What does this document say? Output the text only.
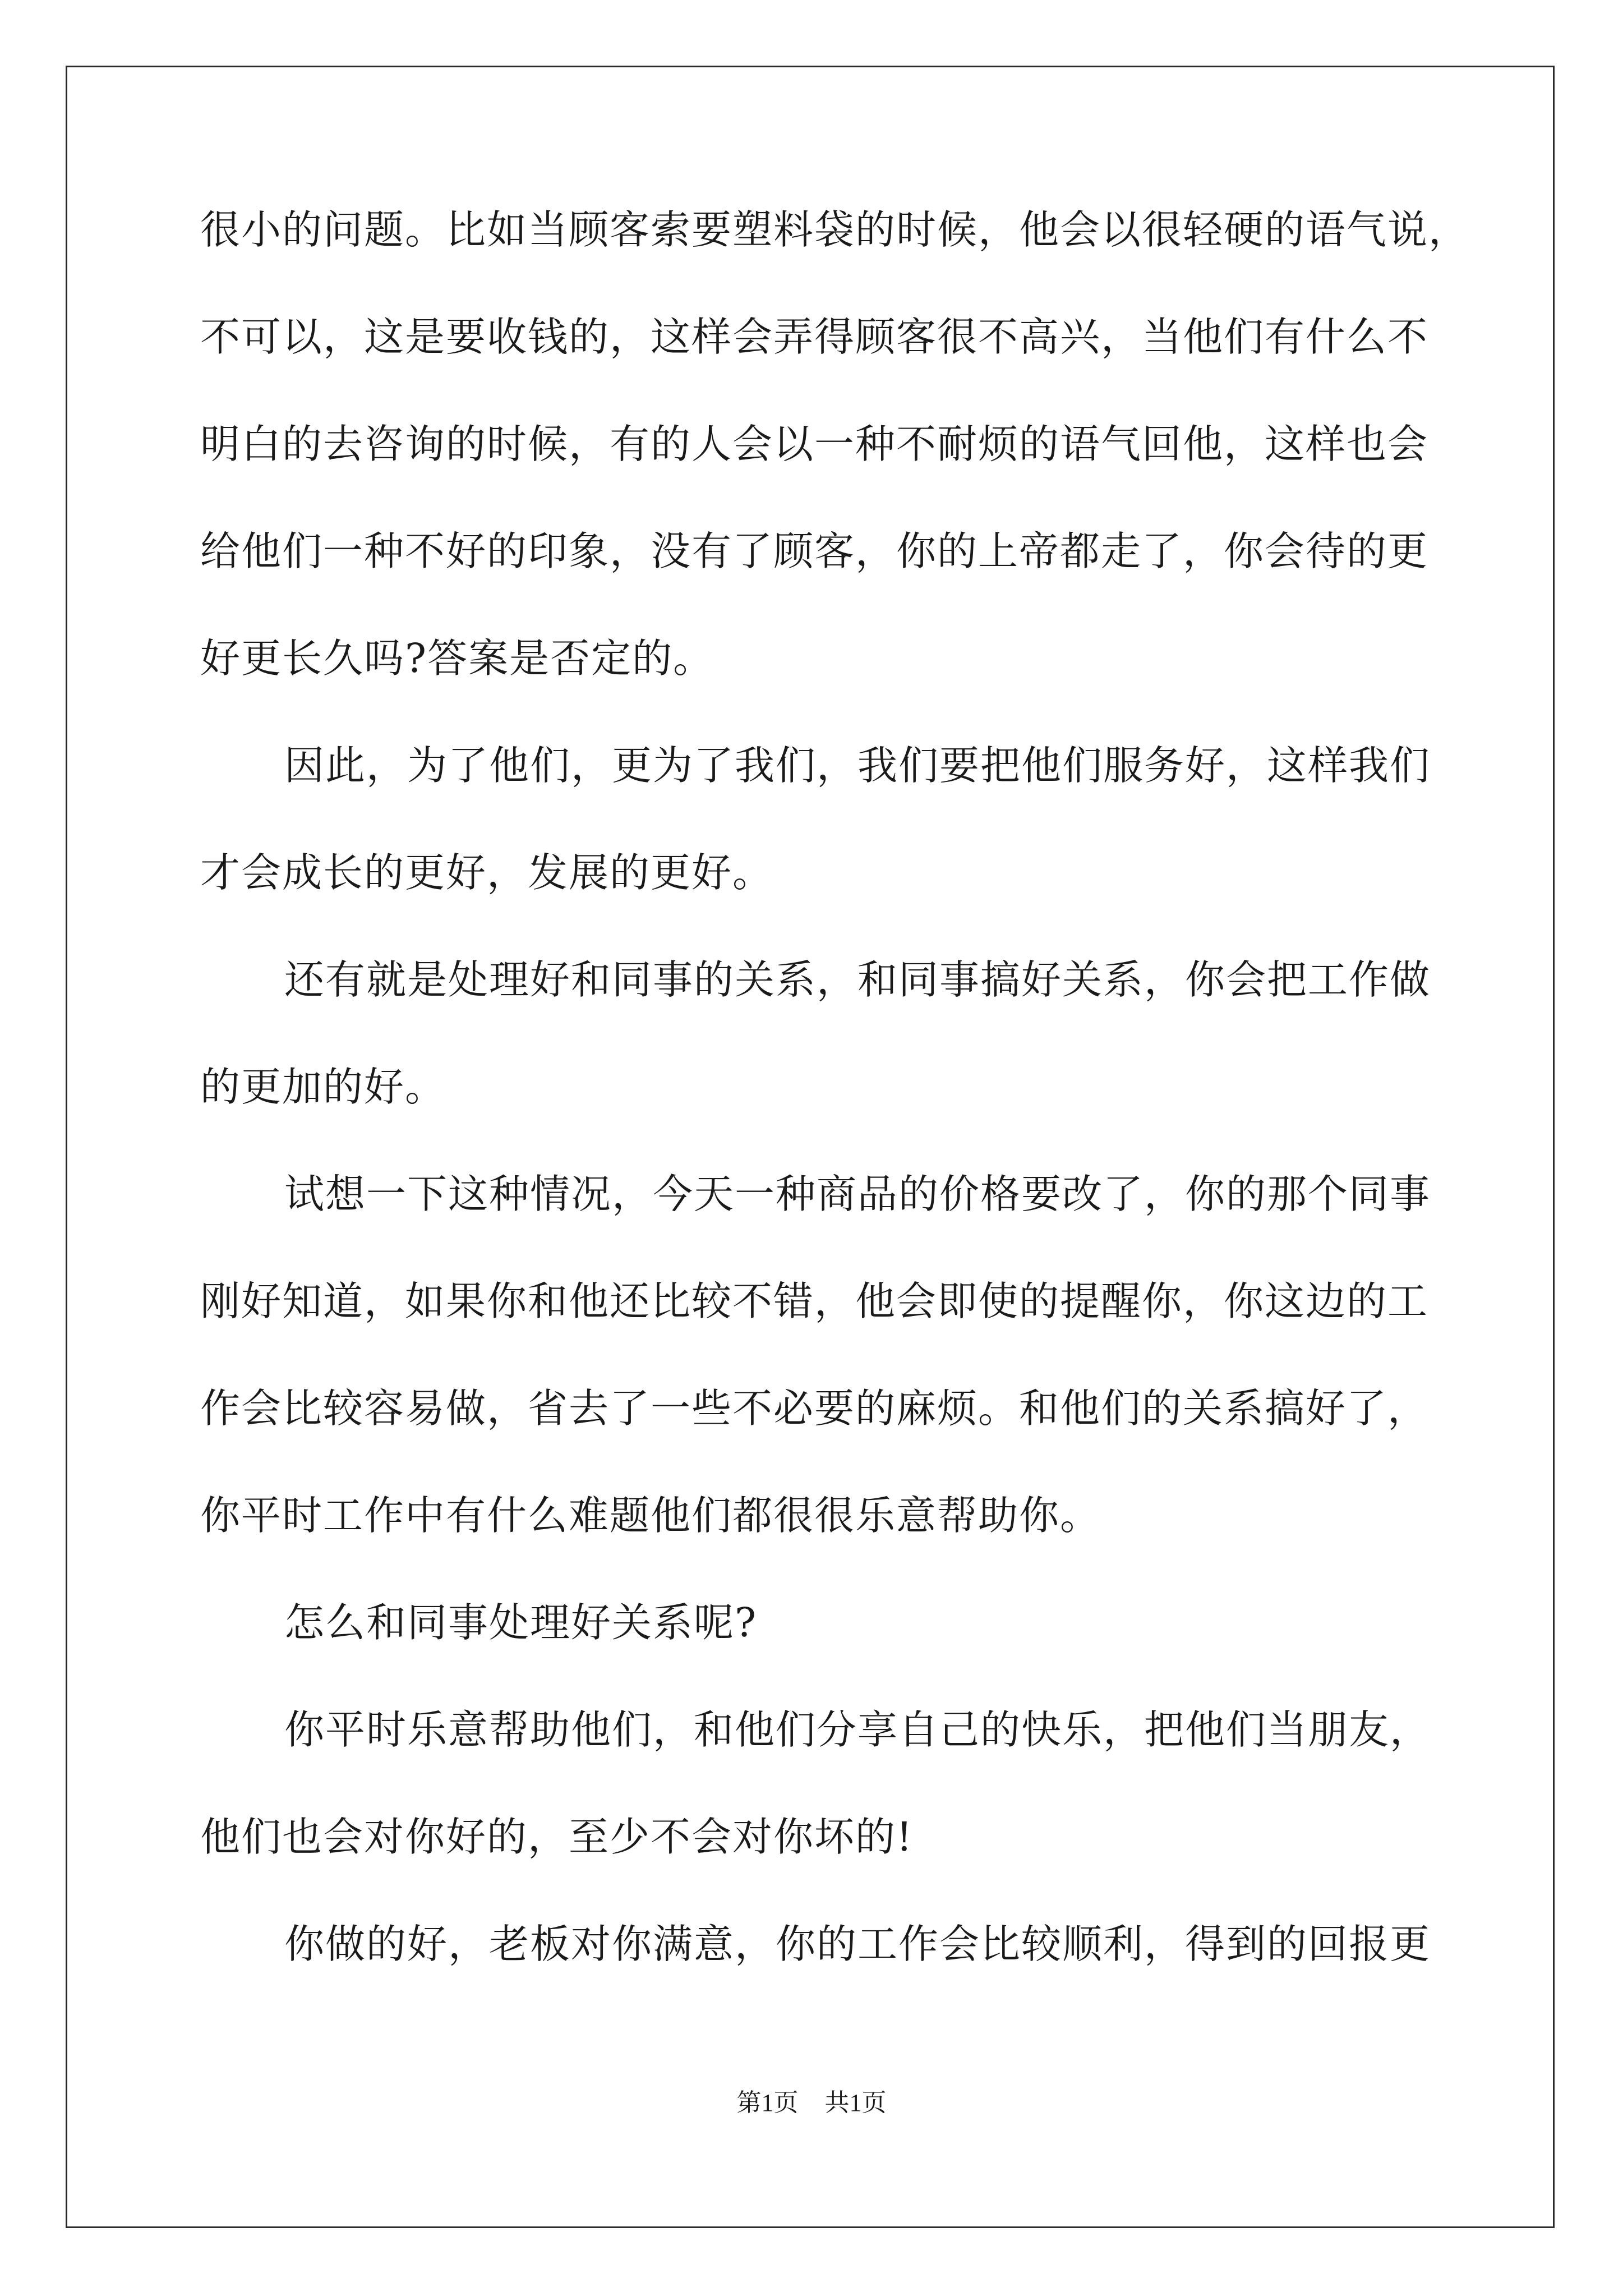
很小的问题。比如当顾客索要塑料袋的时候，他会以很轻硬的语气说，
不可以，这是要收钱的，这样会弄得顾客很不高兴，当他们有什么不
明白的去咨询的时候，有的人会以一种不耐烦的语气回他，这样也会
给他们一种不好的印象，没有了顾客，你的上帝都走了，你会待的更
好更长久吗?答案是否定的。
因此，为了他们，更为了我们，我们要把他们服务好，这样我们
才会成长的更好，发展的更好。
还有就是处理好和同事的关系，和同事搞好关系，你会把工作做
的更加的好。
试想一下这种情况，今天一种商品的价格要改了，你的那个同事
刚好知道，如果你和他还比较不错，他会即使的提醒你，你这边的工
作会比较容易做，省去了一些不必要的麻烦。和他们的关系搞好了，
你平时工作中有什么难题他们都很很乐意帮助你。
怎么和同事处理好关系呢?
你平时乐意帮助他们，和他们分享自己的快乐，把他们当朋友，
他们也会对你好的，至少不会对你坏的!
你做的好，老板对你满意，你的工作会比较顺利，得到的回报更
第1页 共1页
